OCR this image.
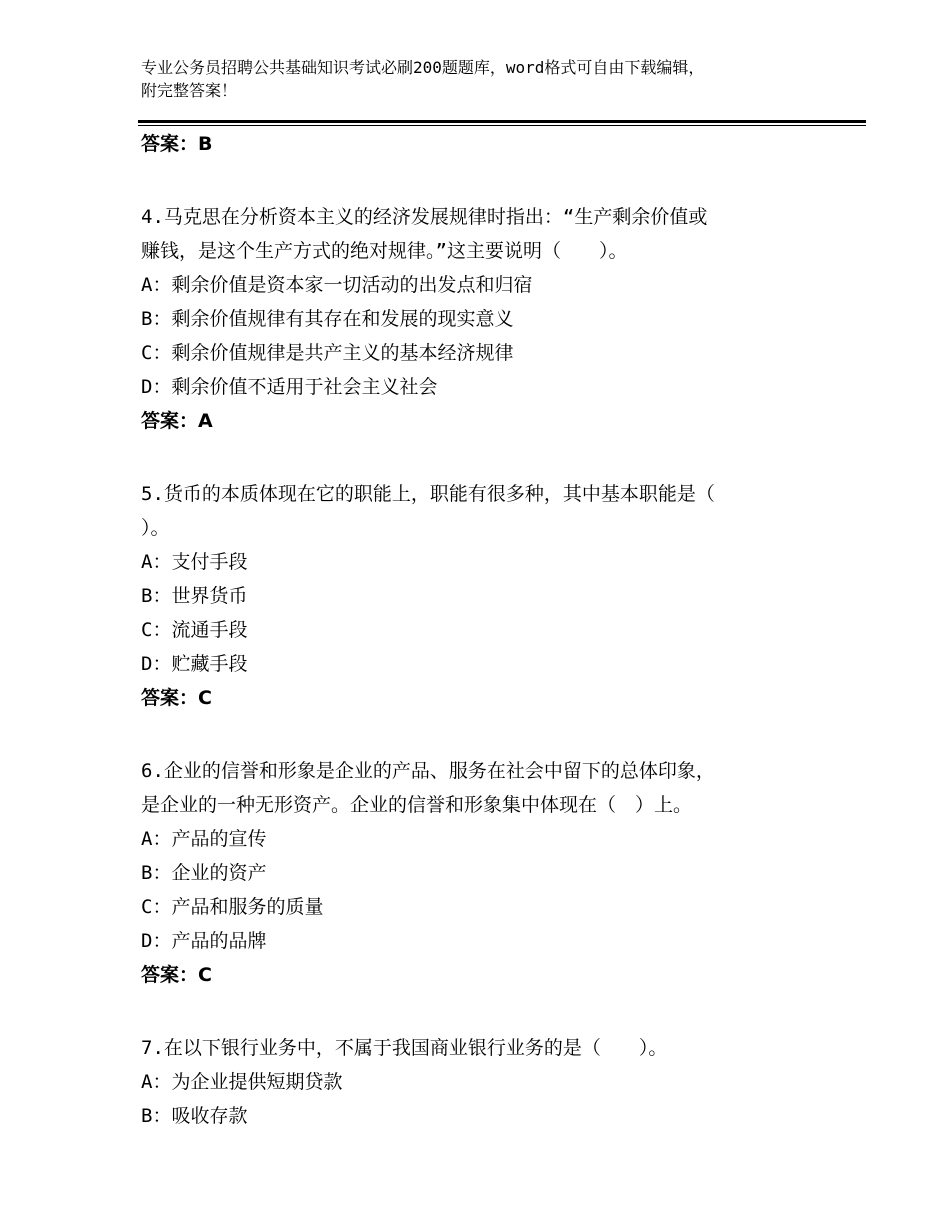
专业公务员招聘公共基础知识考试必刷200题题库，word格式可自由下载编辑，
附完整答案！
答案：B
4.马克思在分析资本主义的经济发展规律时指出：“生产剩余价值或
赚钱，是这个生产方式的绝对规律。”这主要说明（　　）。
A：剩余价值是资本家一切活动的出发点和归宿
B：剩余价值规律有其存在和发展的现实意义
C：剩余价值规律是共产主义的基本经济规律
D：剩余价值不适用于社会主义社会
答案：A
5.货币的本质体现在它的职能上，职能有很多种，其中基本职能是（
）。
A：支付手段
B：世界货币
C：流通手段
D：贮藏手段
答案：C
6.企业的信誉和形象是企业的产品、服务在社会中留下的总体印象，
是企业的一种无形资产。企业的信誉和形象集中体现在（　）上。
A：产品的宣传
B：企业的资产
C：产品和服务的质量
D：产品的品牌
答案：C
7.在以下银行业务中，不属于我国商业银行业务的是（　　）。
A：为企业提供短期贷款
B：吸收存款
